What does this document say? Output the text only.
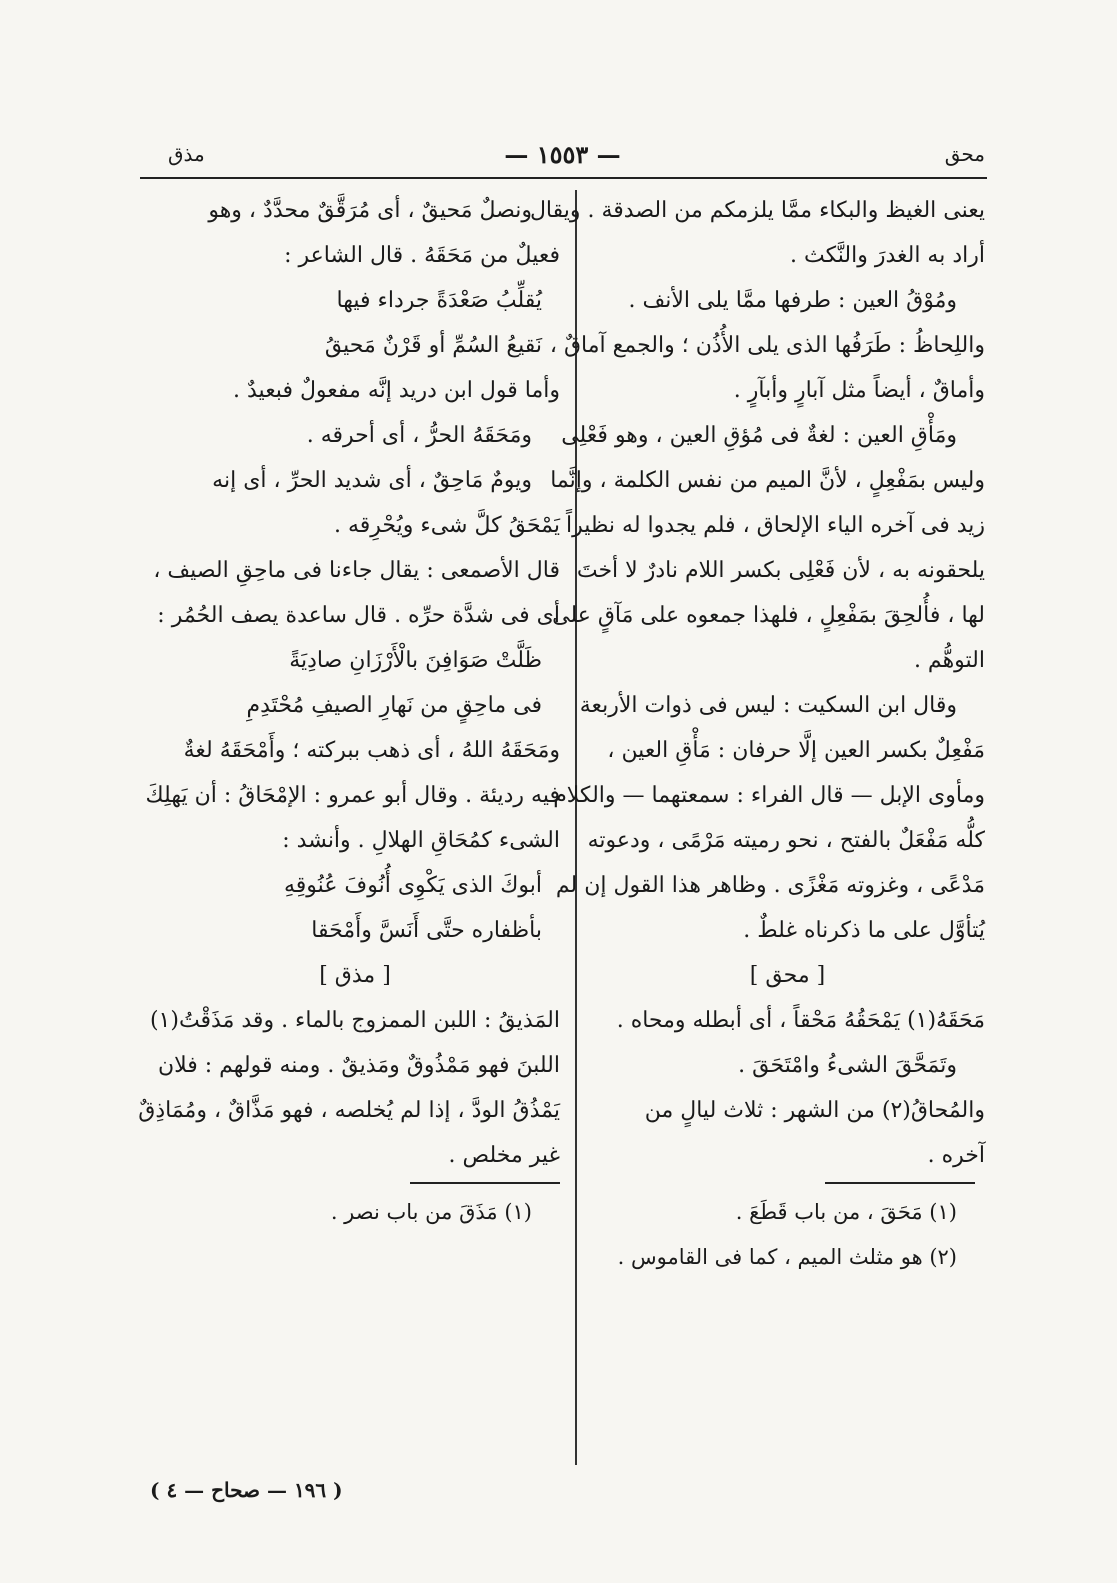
مذق	— ١٥٥٣ —	محق
يعنى الغيظ والبكاء ممَّا يلزمكم من الصدقة . ويقال
أراد به الغدرَ والنَّكث .
ومُوْقُ العين : طرفها ممَّا يلى الأنف .
واللِحاظُ : طَرَفُها الذى يلى الأُذُن ؛ والجمع آماقٌ ،
وأماقٌ ، أيضاً مثل آبارٍ وأبآرٍ .
ومَأْقِ العين : لغةٌ فى مُؤقِ العين ، وهو فَعْلِى
وليس بمَفْعِلٍ ، لأنَّ الميم من نفس الكلمة ، وإنَّما
زيد فى آخره الياء الإلحاق ، فلم يجدوا له نظيراً
يلحقونه به ، لأن فَعْلِى بكسر اللام نادرٌ لا أختَ
لها ، فأُلحِقَ بمَفْعِلٍ ، فلهذا جمعوه على مَآقٍ على
التوهُّم .
وقال ابن السكيت : ليس فى ذوات الأربعة
مَفْعِلٌ بكسر العين إلَّا حرفان : مَأْقِ العين ،
ومأوى الإبل — قال الفراء : سمعتهما — والكلام
كلُّه مَفْعَلٌ بالفتح ، نحو رميته مَرْمًى ، ودعوته
مَدْعًى ، وغزوته مَغْزًى . وظاهر هذا القول إن لم
يُتأوَّل على ما ذكرناه غلطٌ .
[ محق ]
مَحَقَهُ(١) يَمْحَقُهُ مَحْقاً ، أى أبطله ومحاه .
وتَمَحَّقَ الشىءُ وامْتَحَقَ .
والمُحاقُ(٢) من الشهر : ثلاث ليالٍ من
آخره .
(١) مَحَقَ ، من باب قَطَعَ .
(٢) هو مثلث الميم ، كما فى القاموس .
ونصلٌ مَحيقٌ ، أى مُرَقَّقٌ محدَّدٌ ، وهو
فعيلٌ من مَحَقَهُ . قال الشاعر :
يُقلِّبُ صَعْدَةً جرداء فيها
نَقيعُ السُمِّ أو قَرْنٌ مَحيقُ
وأما قول ابن دريد إنَّه مفعولٌ فبعيدٌ .
ومَحَقَهُ الحرُّ ، أى أحرقه .
ويومٌ مَاحِقٌ ، أى شديد الحرِّ ، أى إنه
يَمْحَقُ كلَّ شىء ويُحْرِقه .
قال الأصمعى : يقال جاءنا فى ماحِقِ الصيف ،
أى فى شدَّة حرِّه . قال ساعدة يصف الحُمُر :
ظَلَّتْ صَوَافِنَ بالْأَرْزَانِ صادِيَةً
فى ماحِقٍ من نَهارِ الصيفِ مُحْتَدِمِ
ومَحَقَهُ اللهُ ، أى ذهب ببركته ؛ وأَمْحَقَهُ لغةٌ
فيه رديئة . وقال أبو عمرو : الإمْحَاقُ : أن يَهلِكَ
الشىء كمُحَاقِ الهلالِ . وأنشد :
أبوكَ الذى يَكْوِى أُنُوفَ عُنُوقِهِ
بأظفاره حتَّى أَنَسَّ وأَمْحَقا
[ مذق ]
المَذيقُ : اللبن الممزوج بالماء . وقد مَذَقْتُ(١)
اللبنَ فهو مَمْذُوقٌ ومَذيقٌ . ومنه قولهم : فلان
يَمْذُقُ الودَّ ، إذا لم يُخلصه ، فهو مَذَّاقٌ ، ومُمَاذِقٌ
غير مخلص .
(١) مَذَقَ من باب نصر .
( ١٩٦ — صحاح — ٤ )
